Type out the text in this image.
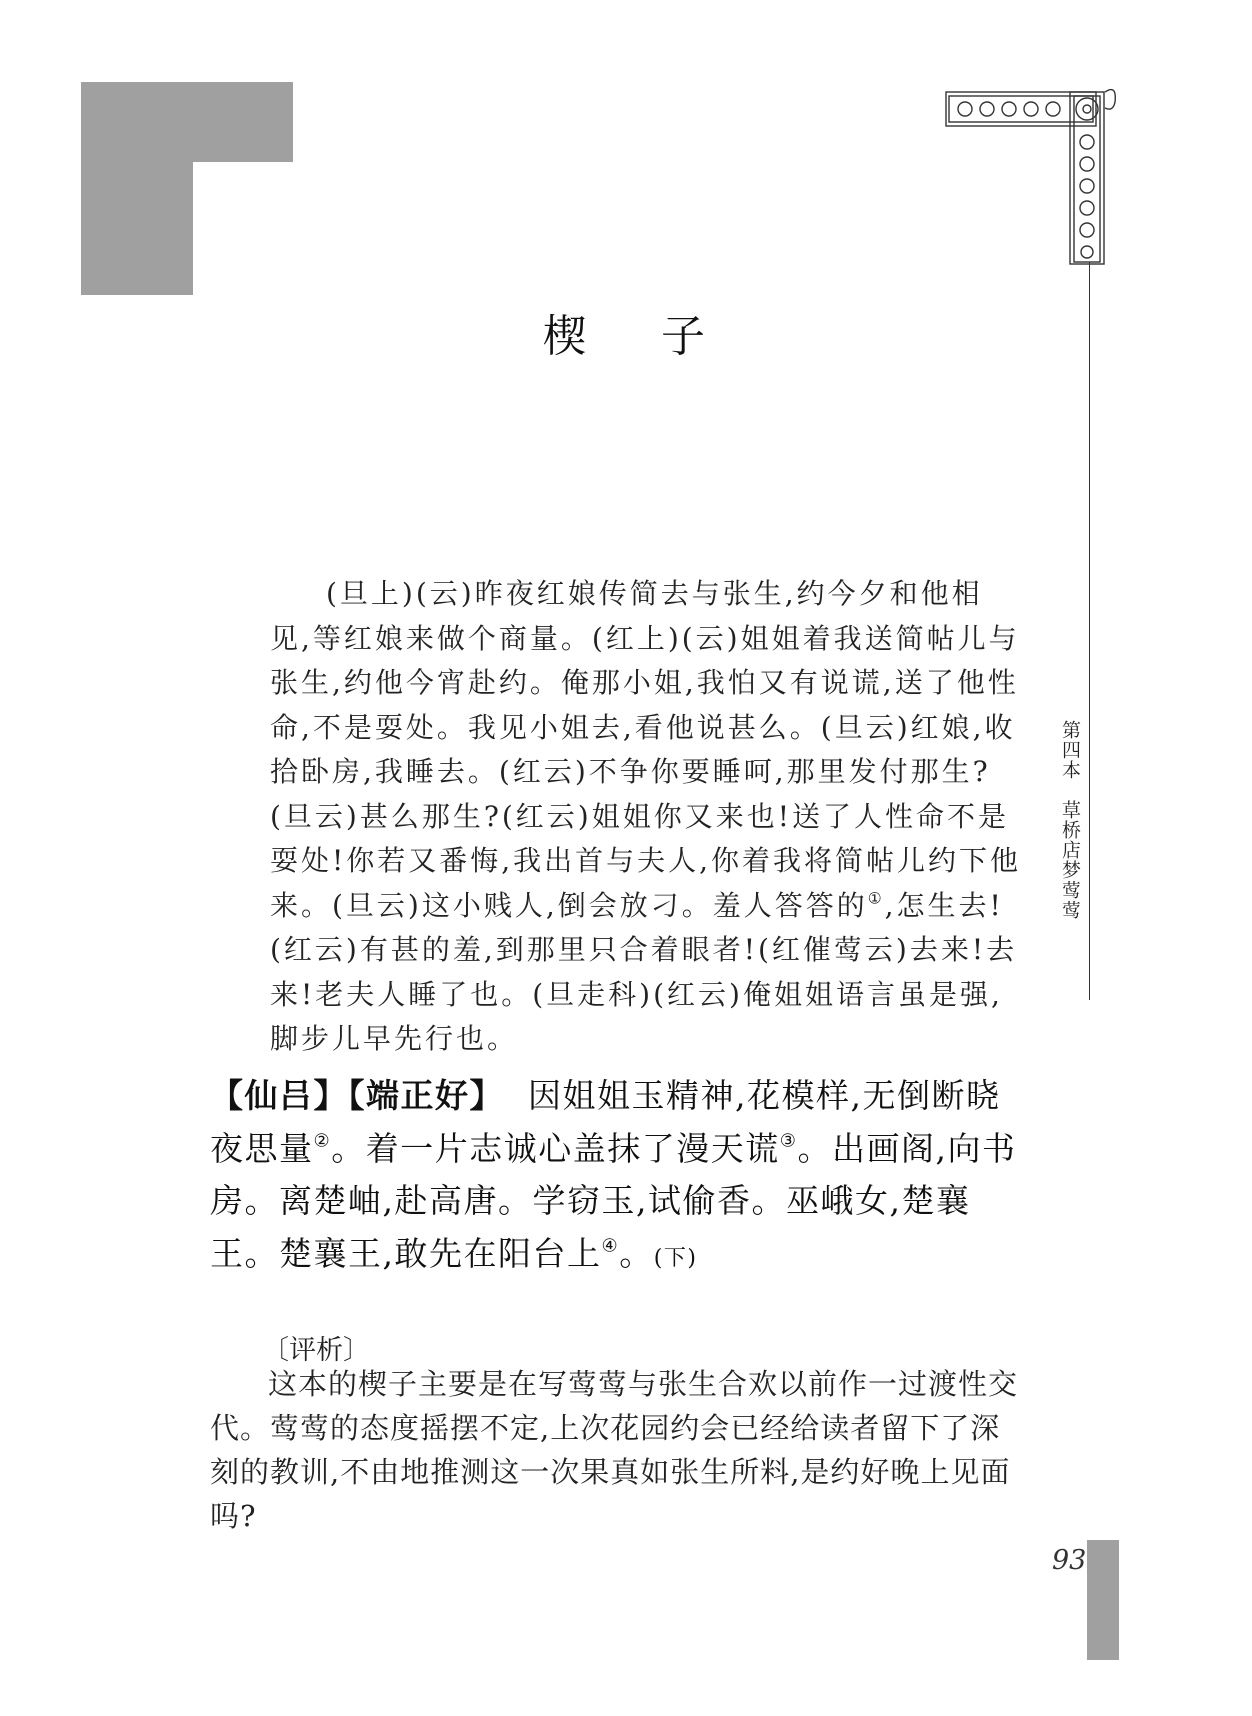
第四本　草桥店梦莺莺
楔 子
(旦上)(云)昨夜红娘传简去与张生,约今夕和他相见,等红娘来做个商量。(红上)(云)姐姐着我送简帖儿与张生,约他今宵赴约。俺那小姐,我怕又有说谎,送了他性命,不是耍处。我见小姐去,看他说甚么。(旦云)红娘,收拾卧房,我睡去。(红云)不争你要睡呵,那里发付那生?(旦云)甚么那生?(红云)姐姐你又来也!送了人性命不是耍处!你若又番悔,我出首与夫人,你着我将简帖儿约下他来。(旦云)这小贱人,倒会放刁。羞人答答的①,怎生去!(红云)有甚的羞,到那里只合着眼者!(红催莺云)去来!去来!老夫人睡了也。(旦走科)(红云)俺姐姐语言虽是强,脚步儿早先行也。
【仙吕】【端正好】 因姐姐玉精神,花模样,无倒断晓夜思量②。着一片志诚心盖抹了漫天谎③。出画阁,向书房。离楚岫,赴高唐。学窃玉,试偷香。巫峨女,楚襄王。楚襄王,敢先在阳台上④。(下)
〔评析〕
这本的楔子主要是在写莺莺与张生合欢以前作一过渡性交代。莺莺的态度摇摆不定,上次花园约会已经给读者留下了深刻的教训,不由地推测这一次果真如张生所料,是约好晚上见面吗?
93
